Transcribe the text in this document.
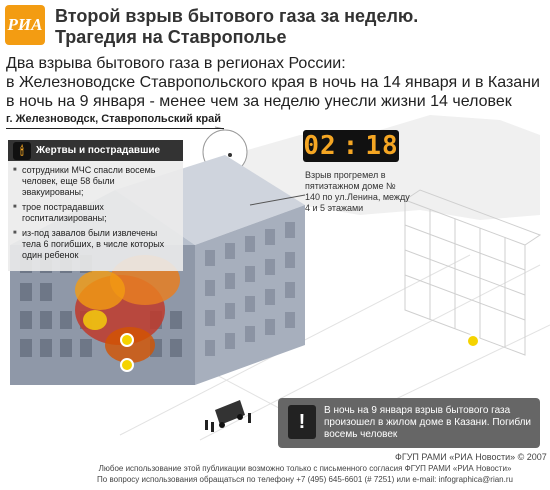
РИА Второй взрыв бытового газа за неделю.
Трагедия на Ставрополье
Два взрыва бытового газа в регионах России:
в Железноводске Ставропольского края в ночь на 14 января и в Казани
в ночь на 9 января - менее чем за неделю унесли жизни 14 человек
г. Железноводск, Ставропольский край
02 : 18
Взрыв прогремел в пятиэтажном доме № 140 по ул.Ленина, между 4 и 5 этажами
🕯	Жертвы и пострадавшие
■ сотрудники МЧС спасли восемь человек, еще 58 были эвакуированы;
■ трое пострадавших госпитализированы;
■ из-под завалов были извлечены тела 6 погибших, в числе которых один ребенок
!
В ночь на 9 января взрыв бытового газа произошел в жилом доме в Казани. Погибли восемь человек
ФГУП РАМИ «РИА Новости» © 2007
Любое использование этой публикации возможно только с письменного согласия ФГУП РАМИ «РИА Новости»
По вопросу использования обращаться по телефону +7 (495) 645-6601 (# 7251) или e-mail: infographica@rian.ru
